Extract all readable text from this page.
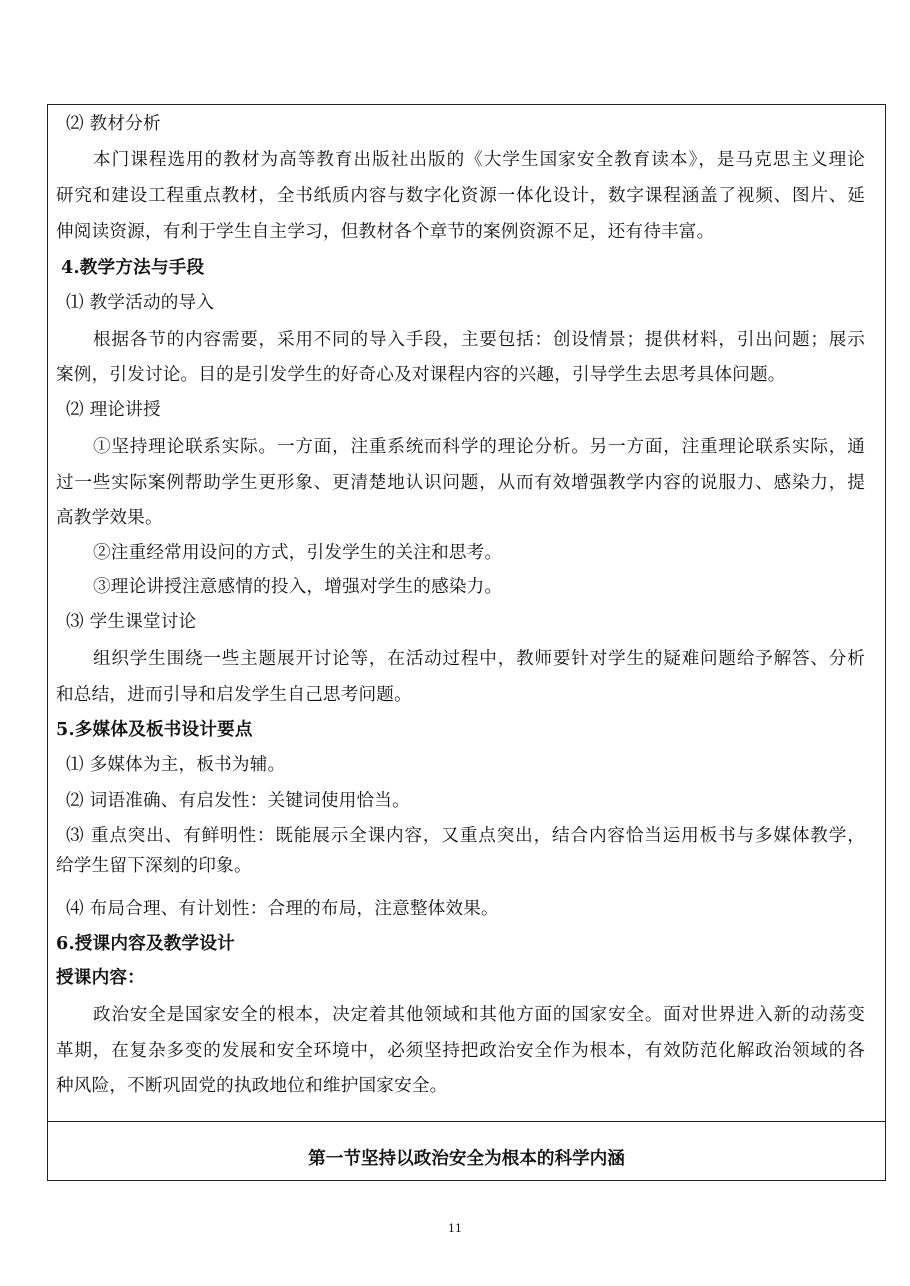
⑵ 教材分析
本门课程选用的教材为高等教育出版社出版的《大学生国家安全教育读本》，是马克思主义理论
研究和建设工程重点教材，全书纸质内容与数字化资源一体化设计，数字课程涵盖了视频、图片、延
伸阅读资源，有利于学生自主学习，但教材各个章节的案例资源不足，还有待丰富。
4.教学方法与手段
⑴ 教学活动的导入
根据各节的内容需要，采用不同的导入手段，主要包括：创设情景；提供材料，引出问题；展示
案例，引发讨论。目的是引发学生的好奇心及对课程内容的兴趣，引导学生去思考具体问题。
⑵ 理论讲授
①坚持理论联系实际。一方面，注重系统而科学的理论分析。另一方面，注重理论联系实际，通
过一些实际案例帮助学生更形象、更清楚地认识问题，从而有效增强教学内容的说服力、感染力，提
高教学效果。
②注重经常用设问的方式，引发学生的关注和思考。
③理论讲授注意感情的投入，增强对学生的感染力。
⑶ 学生课堂讨论
组织学生围绕一些主题展开讨论等，在活动过程中，教师要针对学生的疑难问题给予解答、分析
和总结，进而引导和启发学生自己思考问题。
5.多媒体及板书设计要点
⑴ 多媒体为主，板书为辅。
⑵ 词语准确、有启发性：关键词使用恰当。
⑶ 重点突出、有鲜明性：既能展示全课内容，又重点突出，结合内容恰当运用板书与多媒体教学，
给学生留下深刻的印象。
⑷ 布局合理、有计划性：合理的布局，注意整体效果。
6.授课内容及教学设计
授课内容：
政治安全是国家安全的根本，决定着其他领域和其他方面的国家安全。面对世界进入新的动荡变
革期，在复杂多变的发展和安全环境中，必须坚持把政治安全作为根本，有效防范化解政治领域的各
种风险，不断巩固党的执政地位和维护国家安全。
第一节坚持以政治安全为根本的科学内涵
11
